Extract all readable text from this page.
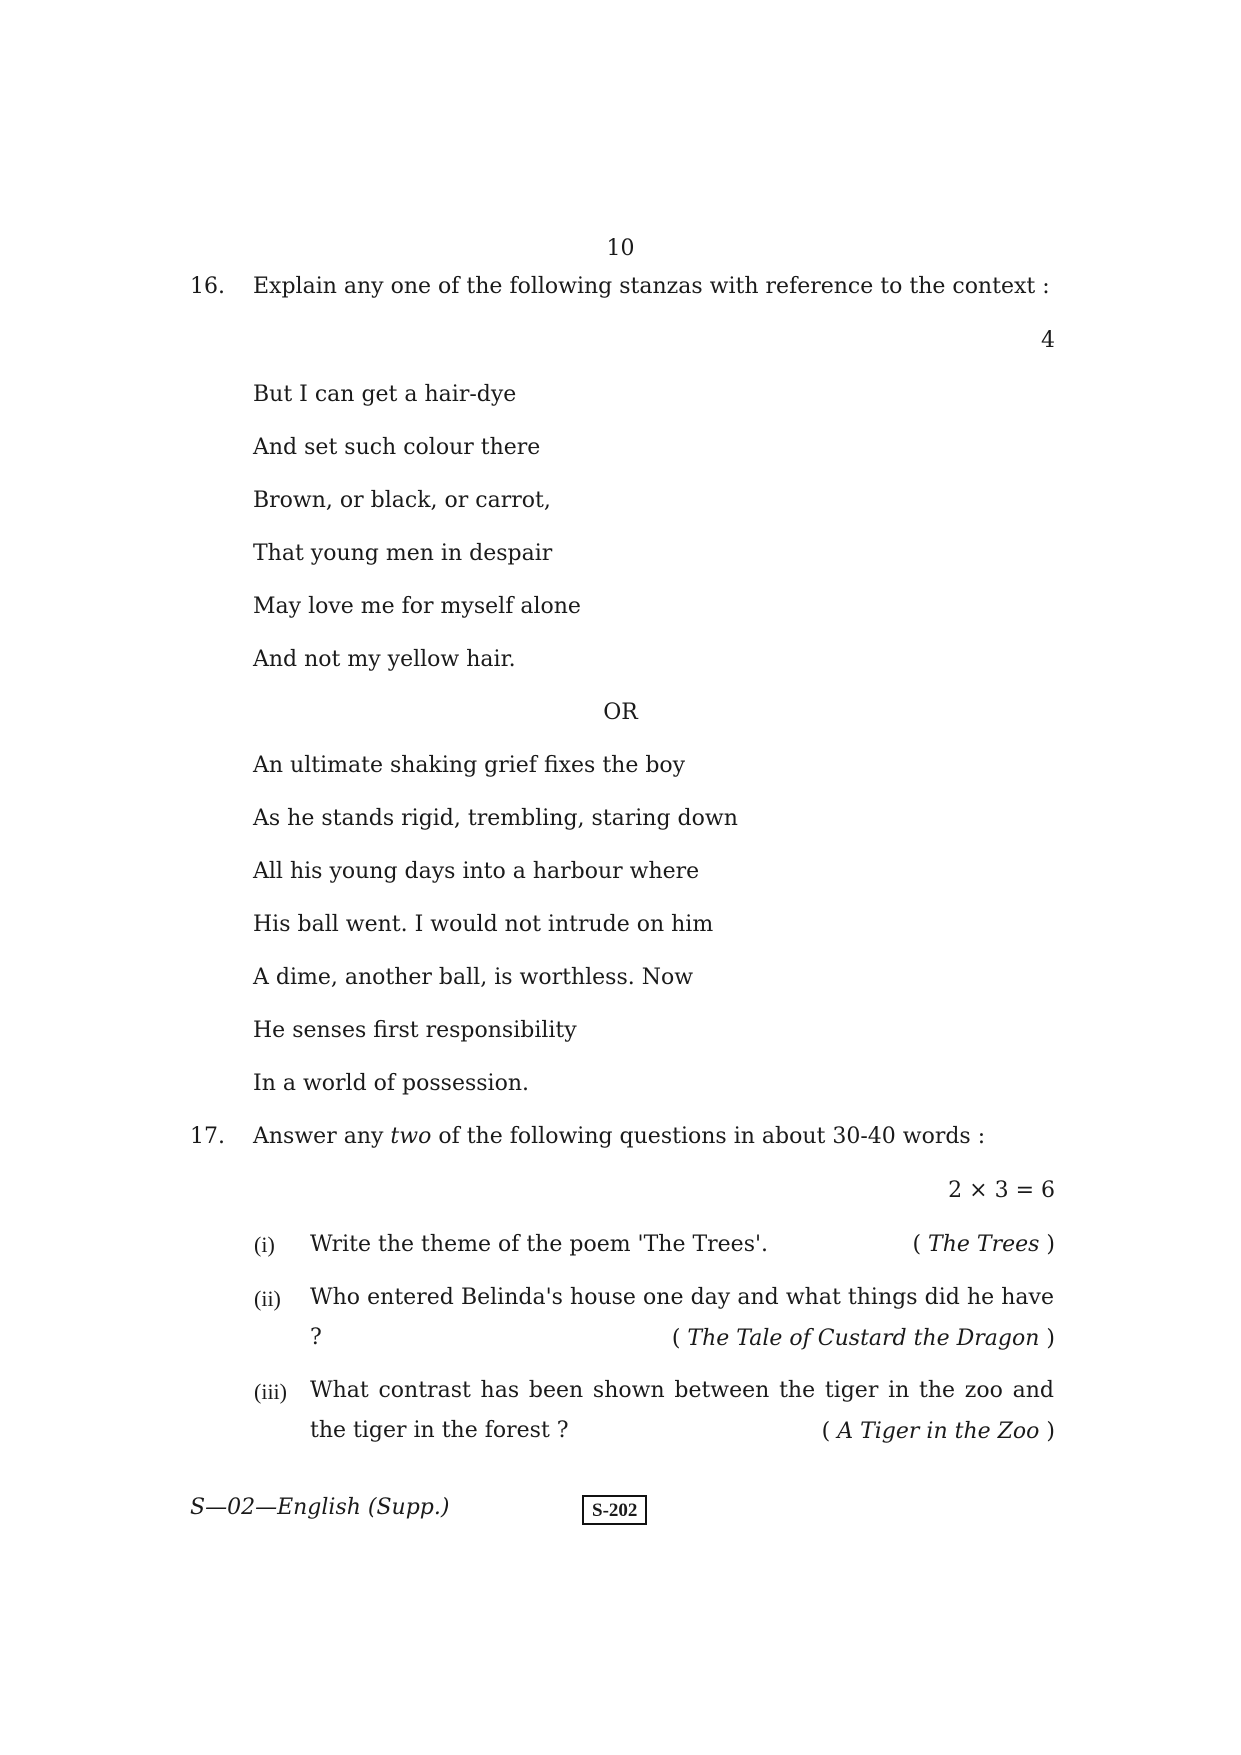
10
16. Explain any one of the following stanzas with reference to the context :
4
But I can get a hair-dye
And set such colour there
Brown, or black, or carrot,
That young men in despair
May love me for myself alone
And not my yellow hair.
OR
An ultimate shaking grief fixes the boy
As he stands rigid, trembling, staring down
All his young days into a harbour where
His ball went. I would not intrude on him
A dime, another ball, is worthless. Now
He senses first responsibility
In a world of possession.
17. Answer any two of the following questions in about 30-40 words :
2 × 3 = 6
(i) Write the theme of the poem 'The Trees'.	( The Trees )
(ii) Who entered Belinda's house one day and what things did he have ?	( The Tale of Custard the Dragon )
(iii) What contrast has been shown between the tiger in the zoo and the tiger in the forest ?	( A Tiger in the Zoo )
S—02—English (Supp.)	S-202
